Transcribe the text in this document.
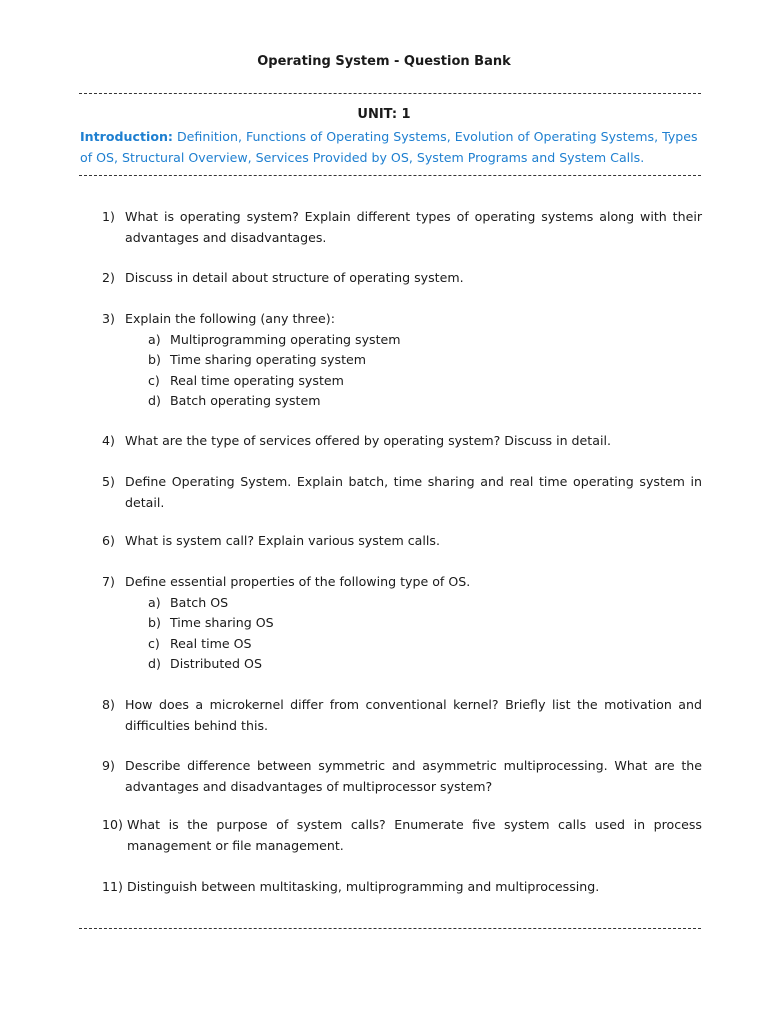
Operating System - Question Bank
UNIT: 1
Introduction: Definition, Functions of Operating Systems, Evolution of Operating Systems, Types of OS, Structural Overview, Services Provided by OS, System Programs and System Calls.
1) What is operating system? Explain different types of operating systems along with their advantages and disadvantages.
2) Discuss in detail about structure of operating system.
3) Explain the following (any three):
a) Multiprogramming operating system
b) Time sharing operating system
c) Real time operating system
d) Batch operating system
4) What are the type of services offered by operating system? Discuss in detail.
5) Define Operating System. Explain batch, time sharing and real time operating system in detail.
6) What is system call? Explain various system calls.
7) Define essential properties of the following type of OS.
a) Batch OS
b) Time sharing OS
c) Real time OS
d) Distributed OS
8) How does a microkernel differ from conventional kernel? Briefly list the motivation and difficulties behind this.
9) Describe difference between symmetric and asymmetric multiprocessing. What are the advantages and disadvantages of multiprocessor system?
10) What is the purpose of system calls? Enumerate five system calls used in process management or file management.
11) Distinguish between multitasking, multiprogramming and multiprocessing.
